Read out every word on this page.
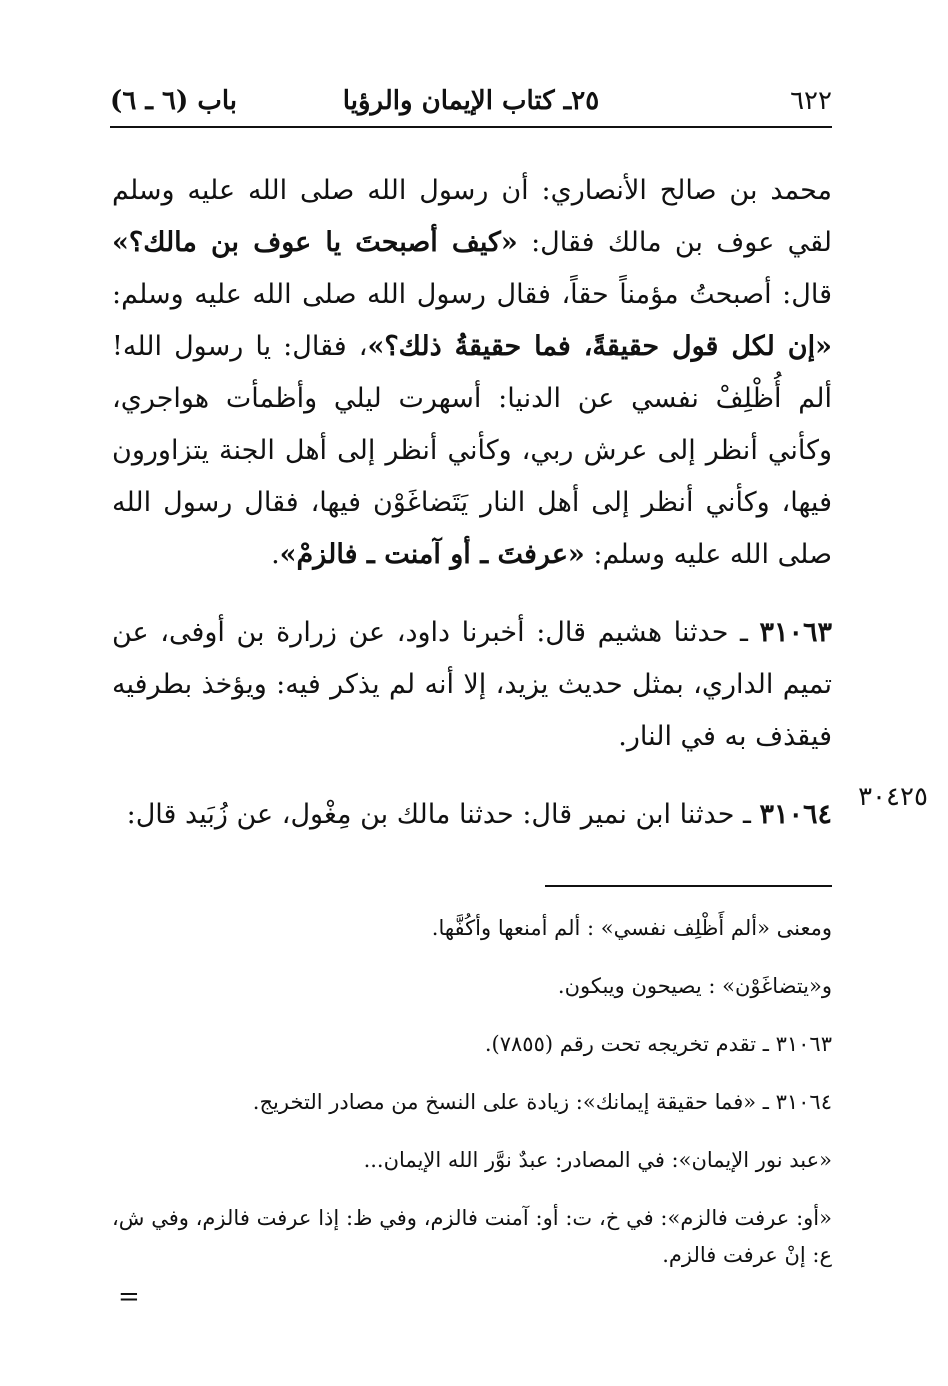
٦٢٢
٢٥ـ كتاب الإيمان والرؤيا
باب (٦ ـ ٦)

محمد بن صالح الأنصاري: أن رسول الله صلى الله عليه وسلم لقي عوف بن مالك فقال: «كيف أصبحتَ يا عوف بن مالك؟» قال: أصبحتُ مؤمناً حقاً، فقال رسول الله صلى الله عليه وسلم: «إن لكل قول حقيقةً، فما حقيقةُ ذلك؟»، فقال: يا رسول الله! ألم أُظْلِفْ نفسي عن الدنيا: أسهرت ليلي وأظمأت هواجري، وكأني أنظر إلى عرش ربي، وكأني أنظر إلى أهل الجنة يتزاورون فيها، وكأني أنظر إلى أهل النار يَتَضاغَوْن فيها، فقال رسول الله صلى الله عليه وسلم: «عرفتَ ـ أو آمنت ـ فالزمْ».

٣١٠٦٣ ـ حدثنا هشيم قال: أخبرنا داود، عن زرارة بن أوفى، عن تميم الداري، بمثل حديث يزيد، إلا أنه لم يذكر فيه: ويؤخذ بطرفيه فيقذف به في النار.

٣١٠٦٤ ـ حدثنا ابن نمير قال: حدثنا مالك بن مِغْول، عن زُبَيد قال:

٣٠٤٢٥

ومعنى «ألم أَظْلِف نفسي» : ألم أمنعها وأكُفَّها.

و«يتضاغَوْن» : يصيحون ويبكون.

٣١٠٦٣ ـ تقدم تخريجه تحت رقم (٧٨٥٥).

٣١٠٦٤ ـ «فما حقيقة إيمانك»: زيادة على النسخ من مصادر التخريج.

«عبد نور الإيمان»: في المصادر: عبدٌ نوَّر الله الإيمان...

«أو: عرفت فالزم»: في خ، ت: أو: آمنت فالزم، وفي ظ: إذا عرفت فالزم، وفي ش، ع: إنْ عرفت فالزم.

=
